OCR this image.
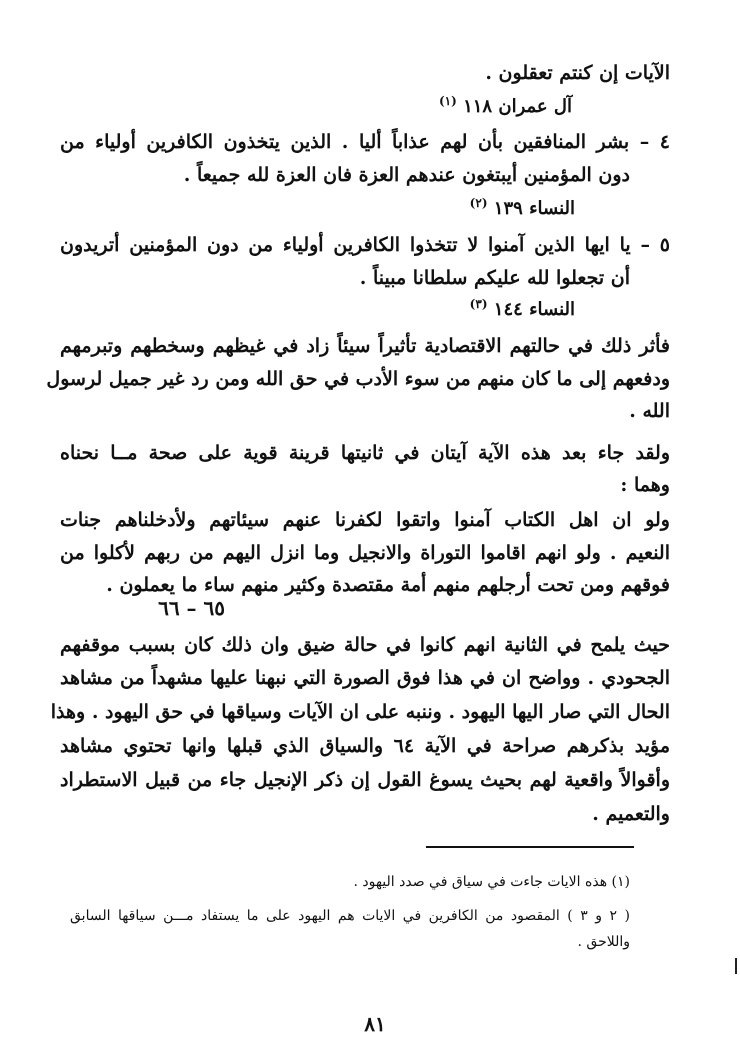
الآيات إن كنتم تعقلون .
آل عمران ١١٨ $^{(١)}$
٤ – بشر المنافقين بأن لهم عذاباً أليا . الذين يتخذون الكافرين أولياء من
دون المؤمنين أيبتغون عندهم العزة فان العزة لله جميعاً .
النساء ١٣٩ $^{(٢)}$
٥ – يا ايها الذين آمنوا لا تتخذوا الكافرين أولياء من دون المؤمنين أتريدون
أن تجعلوا لله عليكم سلطانا مبيناً .
النساء ١٤٤ $^{(٣)}$
فأثر ذلك في حالتهم الاقتصادية تأثيراً سيئاً زاد في غيظهم وسخطهم وتبرمهم
ودفعهم إلى ما كان منهم من سوء الأدب في حق الله ومن رد غير جميل لرسول
الله .
ولقد جاء بعد هذه الآية آيتان في ثانيتها قرينة قوية على صحة مــا نحناه
وهما :
ولو ان اهل الكتاب آمنوا واتقوا لكفرنا عنهم سيئاتهم ولأدخلناهم جنات
النعيم . ولو انهم اقاموا التوراة والانجيل وما انزل اليهم من ربهم لأكلوا من
فوقهم ومن تحت أرجلهم منهم أمة مقتصدة وكثير منهم ساء ما يعملون .
٦٥ – ٦٦
حيث يلمح في الثانية انهم كانوا في حالة ضيق وان ذلك كان بسبب موقفهم
الجحودي . وواضح ان في هذا فوق الصورة التي نبهنا عليها مشهداً من مشاهد
الحال التي صار اليها اليهود . وننبه على ان الآيات وسياقها في حق اليهود . وهذا
مؤيد بذكرهم صراحة في الآية ٦٤ والسياق الذي قبلها وانها تحتوي مشاهد
وأقوالاً واقعية لهم بحيث يسوغ القول إن ذكر الإنجيل جاء من قبيل الاستطراد
والتعميم .
(١) هذه الايات جاءت في سياق في صدد اليهود .
( ٢ و ٣ ) المقصود من الكافرين في الايات هم اليهود على ما يستفاد مـــن سياقها السابق
واللاحق .
٨١
